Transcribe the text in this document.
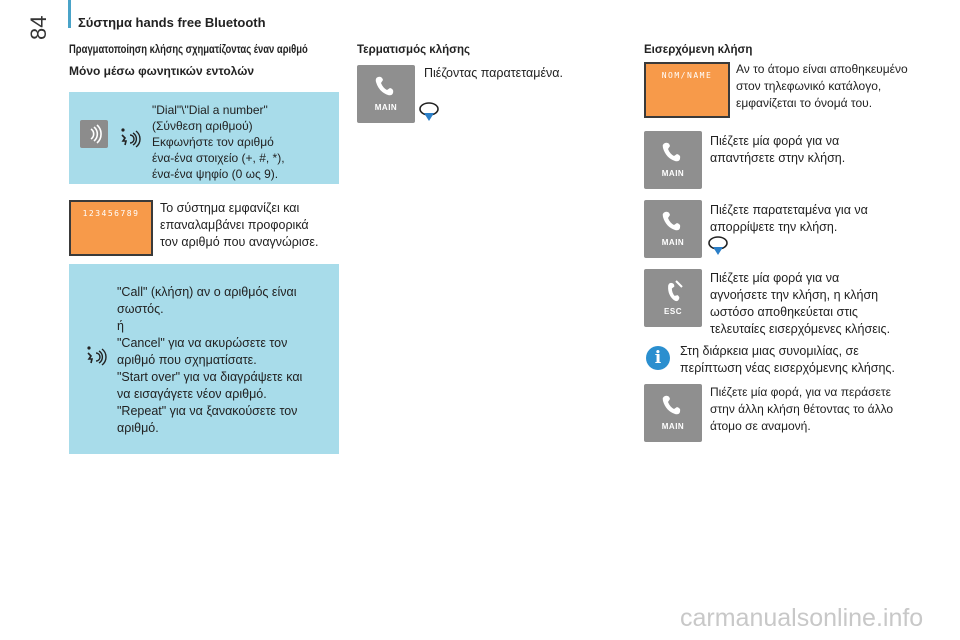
84 Σύστημα hands free Bluetooth
Πραγματοποίηση κλήσης σχηματίζοντας έναν αριθμό
Μόνο μέσω φωνητικών εντολών
"Dial"\"Dial a number"
(Σύνθεση αριθμού)
Εκφωνήστε τον αριθμό
ένα-ένα στοιχείο (+, #, *),
ένα-ένα ψηφίο (0 ως 9).
123456789	Το σύστημα εμφανίζει και
επαναλαμβάνει προφορικά
τον αριθμό που αναγνώρισε.
"Call" (κλήση) αν ο αριθμός είναι
σωστός.
ή
"Cancel" για να ακυρώσετε τον
αριθμό που σχηματίσατε.
"Start over" για να διαγράψετε και
να εισαγάγετε νέον αριθμό.
"Repeat" για να ξανακούσετε τον
αριθμό.
Τερματισμός κλήσης
MAIN
Πιέζοντας παρατεταμένα.
Εισερχόμενη κλήση
NOM/NAME	Αν το άτομο είναι αποθηκευμένο
στον τηλεφωνικό κατάλογο,
εμφανίζεται το όνομά του.
MAIN
Πιέζετε μία φορά για να
απαντήσετε στην κλήση.
MAIN
Πιέζετε παρατεταμένα για να
απορρίψετε την κλήση.
ESC
Πιέζετε μία φορά για να
αγνοήσετε την κλήση, η κλήση
ωστόσο αποθηκεύεται στις
τελευταίες εισερχόμενες κλήσεις.
i	Στη διάρκεια μιας συνομιλίας, σε
περίπτωση νέας εισερχόμενης κλήσης.
MAIN
Πιέζετε μία φορά, για να περάσετε
στην άλλη κλήση θέτοντας το άλλο
άτομο σε αναμονή.
carmanualsonline.info
